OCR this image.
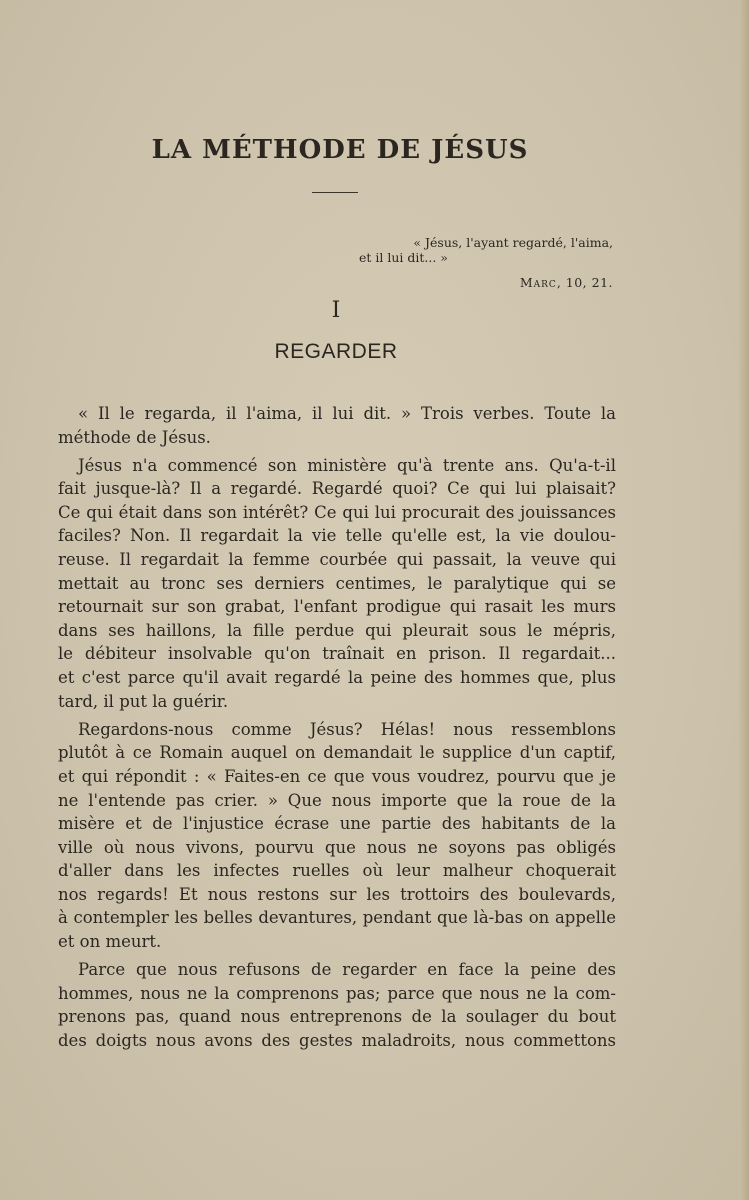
LA MÉTHODE DE JÉSUS
« Jésus, l'ayant regardé, l'aima,
et il lui dit... »
Marc, 10, 21.
I
REGARDER

« Il le regarda, il l'aima, il lui dit. » Trois verbes. Toute la
méthode de Jésus.

Jésus n'a commencé son ministère qu'à trente ans. Qu'a-t-il
fait jusque-là? Il a regardé. Regardé quoi? Ce qui lui plaisait?
Ce qui était dans son intérêt? Ce qui lui procurait des jouissances
faciles? Non. Il regardait la vie telle qu'elle est, la vie doulou-
reuse. Il regardait la femme courbée qui passait, la veuve qui
mettait au tronc ses derniers centimes, le paralytique qui se
retournait sur son grabat, l'enfant prodigue qui rasait les murs
dans ses haillons, la fille perdue qui pleurait sous le mépris,
le débiteur insolvable qu'on traînait en prison. Il regardait...
et c'est parce qu'il avait regardé la peine des hommes que, plus
tard, il put la guérir.

Regardons-nous comme Jésus? Hélas! nous ressemblons
plutôt à ce Romain auquel on demandait le supplice d'un captif,
et qui répondit : « Faites-en ce que vous voudrez, pourvu que je
ne l'entende pas crier. » Que nous importe que la roue de la
misère et de l'injustice écrase une partie des habitants de la
ville où nous vivons, pourvu que nous ne soyons pas obligés
d'aller dans les infectes ruelles où leur malheur choquerait
nos regards! Et nous restons sur les trottoirs des boulevards,
à contempler les belles devantures, pendant que là-bas on appelle
et on meurt.

Parce que nous refusons de regarder en face la peine des
hommes, nous ne la comprenons pas; parce que nous ne la com-
prenons pas, quand nous entreprenons de la soulager du bout
des doigts nous avons des gestes maladroits, nous commettons
